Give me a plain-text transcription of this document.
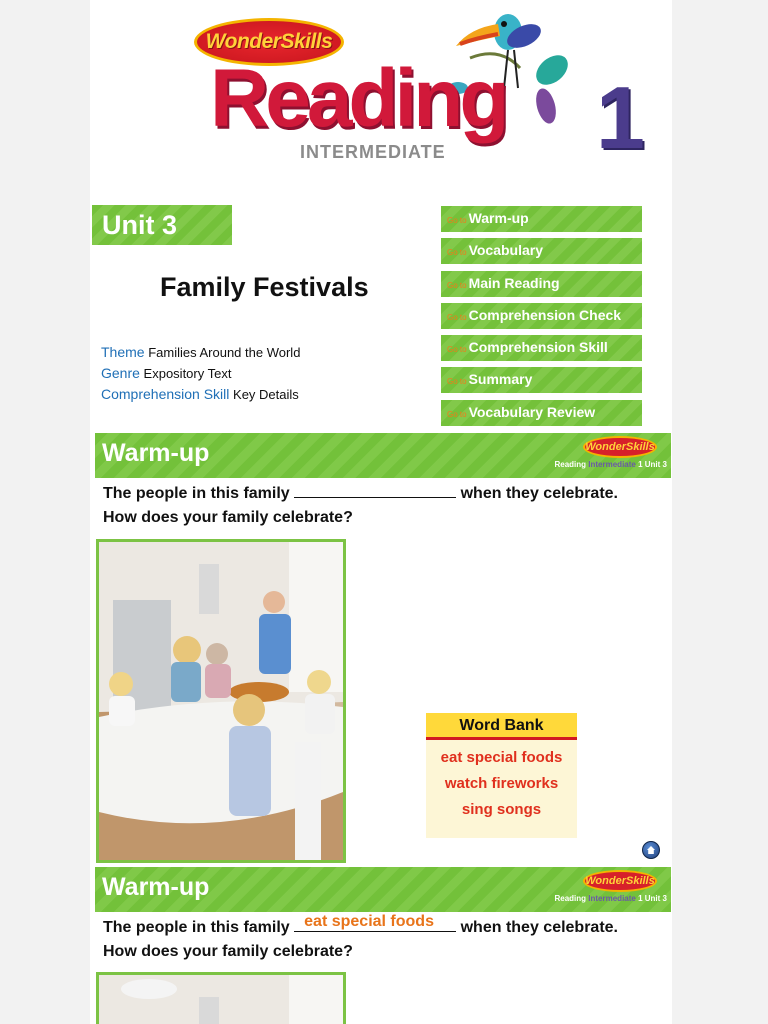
WonderSkills
Reading
INTERMEDIATE 1
Unit 3
Family Festivals
Theme Families Around the World
Genre Expository Text
Comprehension Skill Key Details
Go to Warm-up
Go to Vocabulary
Go to Main Reading
Go to Comprehension Check
Go to Comprehension Skill
Go to Summary
Go to Vocabulary Review
Warm-up	WonderSkills
Reading Intermediate 1 Unit 3
The people in this family	when they celebrate.
How does your family celebrate?
Word Bank
eat special foods
watch fireworks
sing songs
Warm-up	WonderSkills
Reading Intermediate 1 Unit 3
The people in this family eat special foods when they celebrate.
How does your family celebrate?
